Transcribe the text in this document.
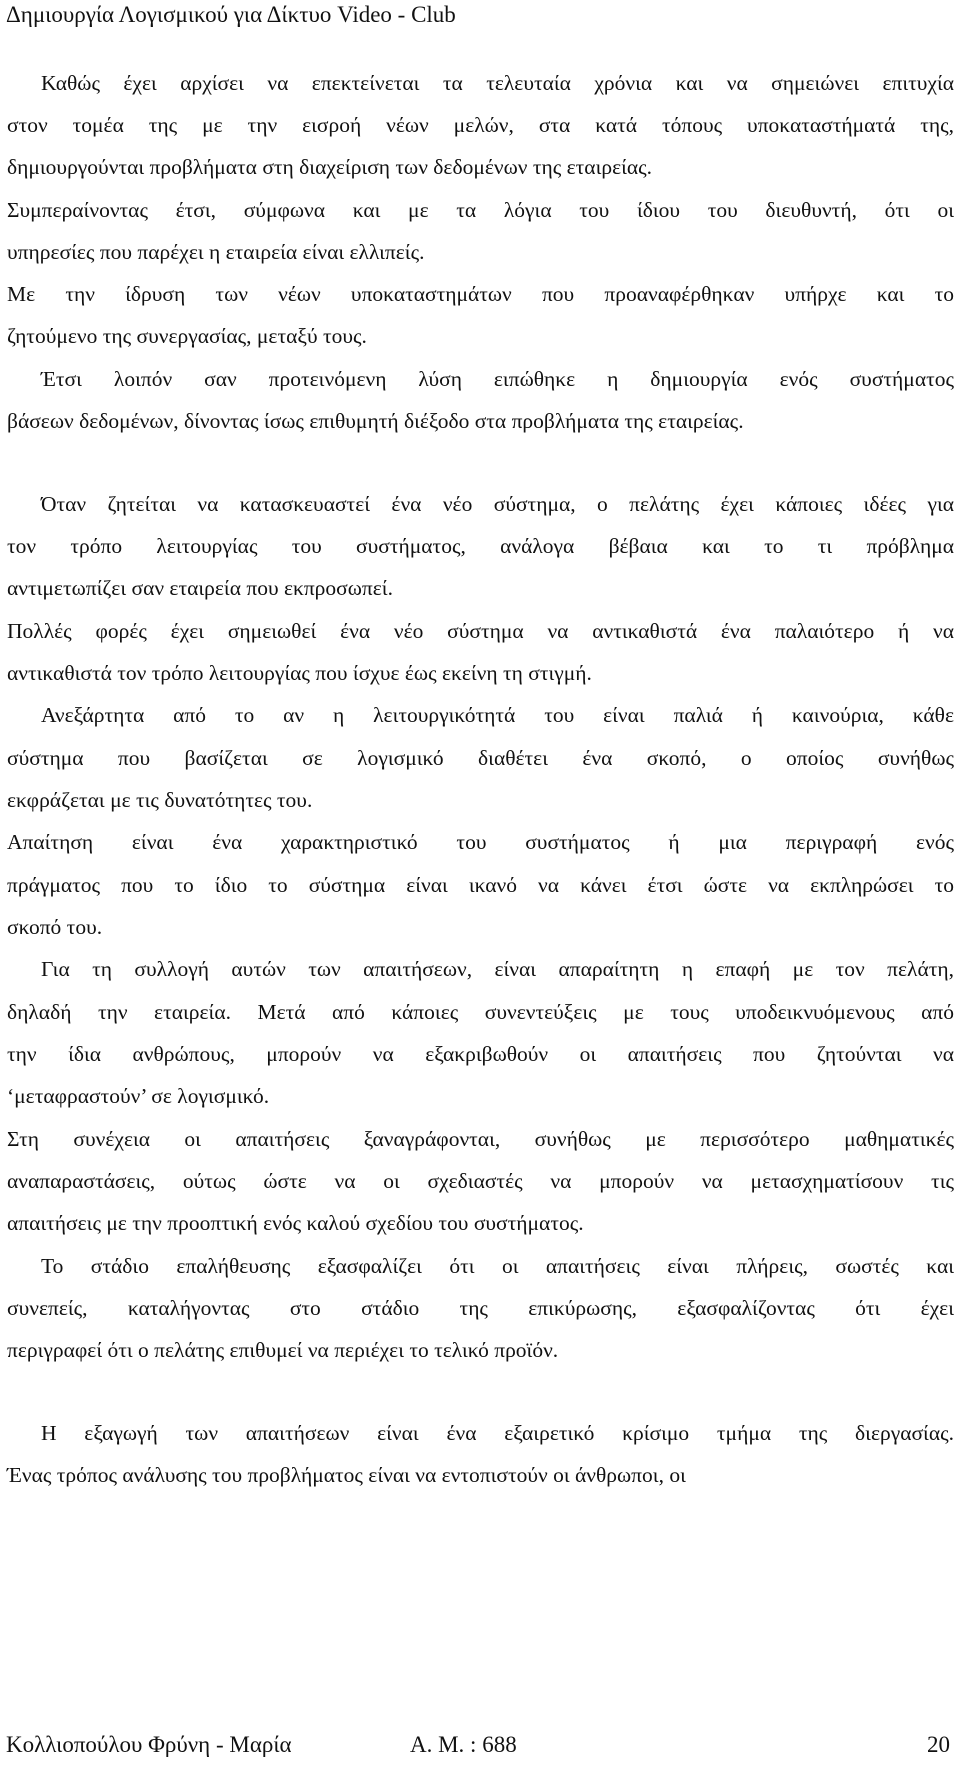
Δημιουργία Λογισμικού για Δίκτυο Video - Club
Καθώς έχει αρχίσει να επεκτείνεται τα τελευταία χρόνια και να σημειώνει επιτυχία
στον τομέα της με την εισροή νέων μελών, στα κατά τόπους υποκαταστήματά της,
δημιουργούνται προβλήματα στη διαχείριση των δεδομένων της εταιρείας.
Συμπεραίνοντας έτσι, σύμφωνα και με τα λόγια του ίδιου του διευθυντή, ότι οι
υπηρεσίες που παρέχει η εταιρεία είναι ελλιπείς.
Με την ίδρυση των νέων υποκαταστημάτων που προαναφέρθηκαν υπήρχε και το
ζητούμενο της συνεργασίας, μεταξύ τους.
Έτσι λοιπόν σαν προτεινόμενη λύση ειπώθηκε η δημιουργία ενός συστήματος
βάσεων δεδομένων, δίνοντας ίσως επιθυμητή διέξοδο στα προβλήματα της εταιρείας.
Όταν ζητείται να κατασκευαστεί ένα νέο σύστημα, ο πελάτης έχει κάποιες ιδέες για
τον τρόπο λειτουργίας του συστήματος, ανάλογα βέβαια και το τι πρόβλημα
αντιμετωπίζει σαν εταιρεία που εκπροσωπεί.
Πολλές φορές έχει σημειωθεί ένα νέο σύστημα να αντικαθιστά ένα παλαιότερο ή να
αντικαθιστά τον τρόπο λειτουργίας που ίσχυε έως εκείνη τη στιγμή.
Ανεξάρτητα από το αν η λειτουργικότητά του είναι παλιά ή καινούρια, κάθε
σύστημα που βασίζεται σε λογισμικό διαθέτει ένα σκοπό, ο οποίος συνήθως
εκφράζεται με τις δυνατότητες του.
Απαίτηση είναι ένα χαρακτηριστικό του συστήματος ή μια περιγραφή ενός
πράγματος που το ίδιο το σύστημα είναι ικανό να κάνει έτσι ώστε να εκπληρώσει το
σκοπό του.
Για τη συλλογή αυτών των απαιτήσεων, είναι απαραίτητη η επαφή με τον πελάτη,
δηλαδή την εταιρεία. Μετά από κάποιες συνεντεύξεις με τους υποδεικνυόμενους από
την ίδια ανθρώπους, μπορούν να εξακριβωθούν οι απαιτήσεις που ζητούνται να
‘μεταφραστούν’ σε λογισμικό.
Στη συνέχεια οι απαιτήσεις ξαναγράφονται, συνήθως με περισσότερο μαθηματικές
αναπαραστάσεις, ούτως ώστε να οι σχεδιαστές να μπορούν να μετασχηματίσουν τις
απαιτήσεις με την προοπτική ενός καλού σχεδίου του συστήματος.
Το στάδιο επαλήθευσης εξασφαλίζει ότι οι απαιτήσεις είναι πλήρεις, σωστές και
συνεπείς, καταλήγοντας στο στάδιο της επικύρωσης, εξασφαλίζοντας ότι έχει
περιγραφεί ότι ο πελάτης επιθυμεί να περιέχει το τελικό προϊόν.
Η εξαγωγή των απαιτήσεων είναι ένα εξαιρετικό κρίσιμο τμήμα της διεργασίας.
Ένας τρόπος ανάλυσης του προβλήματος είναι να εντοπιστούν οι άνθρωποι, οι
Κολλιοπούλου Φρύνη - Μαρία	Α. Μ. : 688	20
